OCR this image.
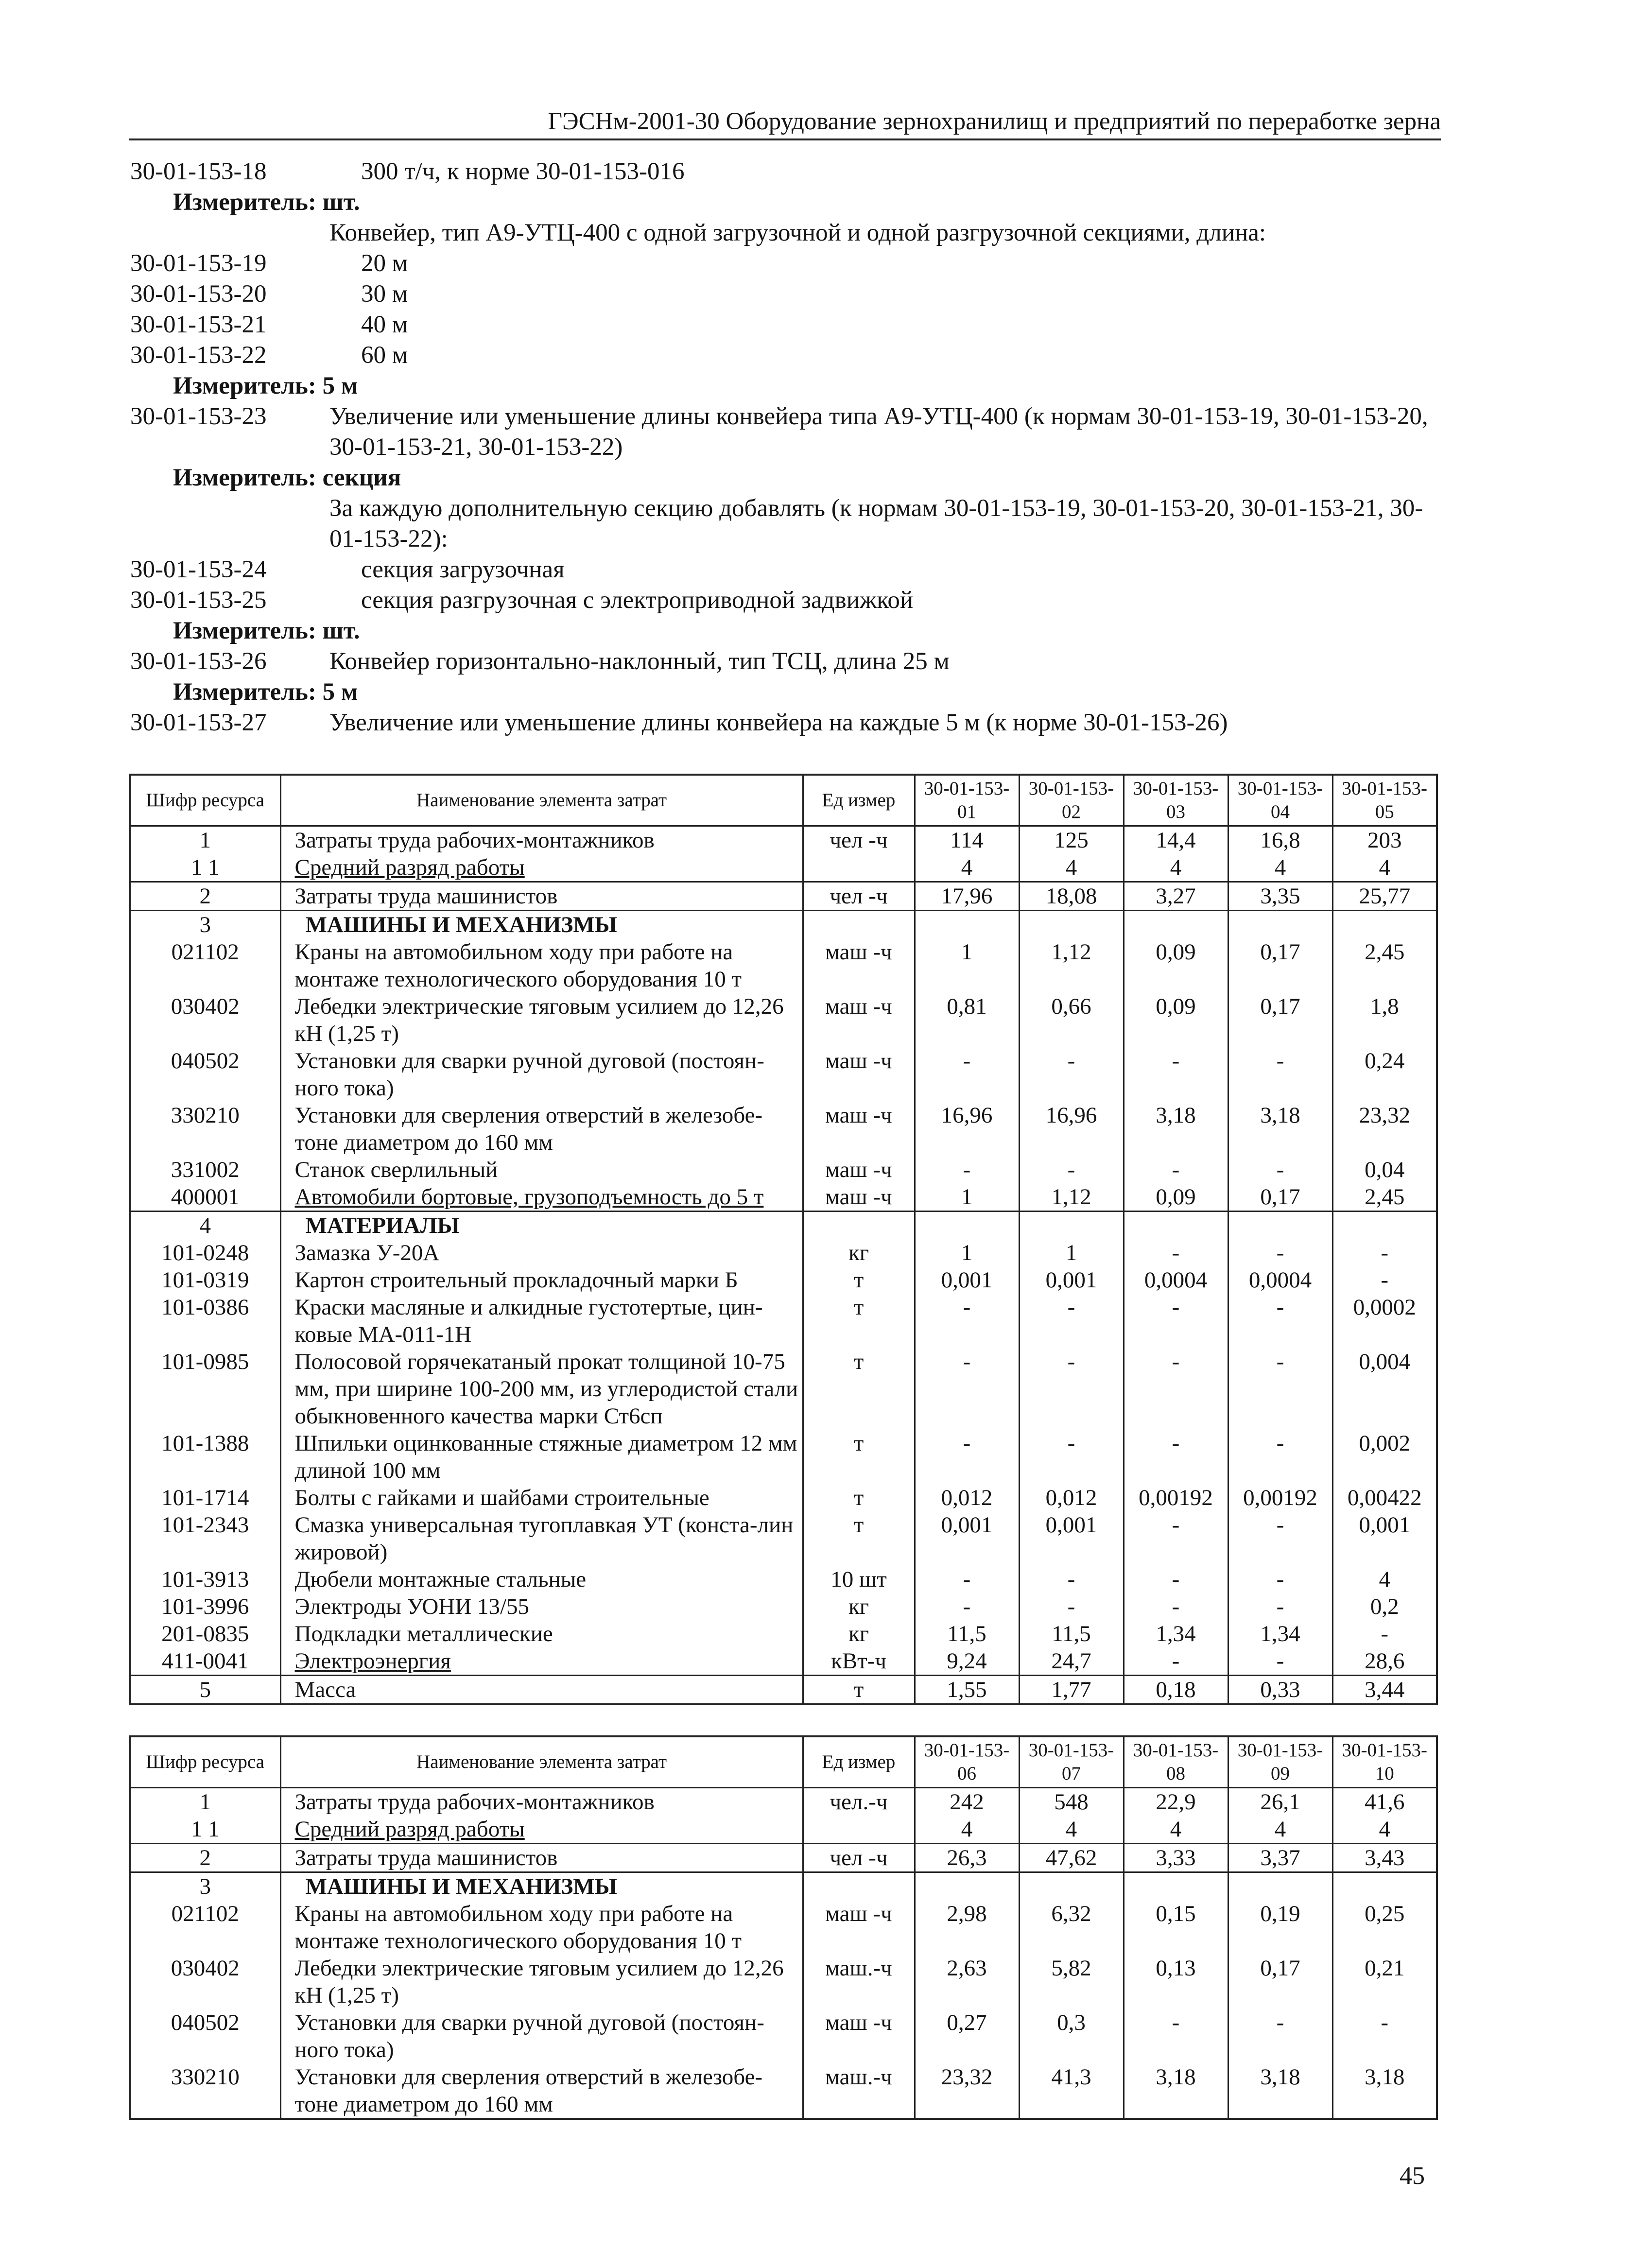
ГЭСНм-2001-30 Оборудование зернохранилищ и предприятий по переработке зерна
30-01-153-18	300 т/ч, к норме 30-01-153-016
Измеритель: шт.
Конвейер, тип А9-УТЦ-400 с одной загрузочной и одной разгрузочной секциями, длина:
30-01-153-19	20 м
30-01-153-20	30 м
30-01-153-21	40 м
30-01-153-22	60 м
Измеритель: 5 м
30-01-153-23	Увеличение или уменьшение длины конвейера типа А9-УТЦ-400 (к нормам 30-01-153-19, 30-01-153-20, 30-01-153-21, 30-01-153-22)
Измеритель: секция
За каждую дополнительную секцию добавлять (к нормам 30-01-153-19, 30-01-153-20, 30-01-153-21, 30-01-153-22):
30-01-153-24	секция загрузочная
30-01-153-25	секция разгрузочная с электроприводной задвижкой
Измеритель: шт.
30-01-153-26	Конвейер горизонтально-наклонный, тип ТСЦ, длина 25 м
Измеритель: 5 м
30-01-153-27	Увеличение или уменьшение длины конвейера на каждые 5 м (к норме 30-01-153-26)
Шифр ресурса	Наименование элемента затрат	Ед измер	30-01-153-01	30-01-153-02	30-01-153-03	30-01-153-04	30-01-153-05
1	Затраты труда рабочих-монтажников	чел -ч	114	125	14,4	16,8	203
1 1	Средний разряд работы		4	4	4	4	4
2	Затраты труда машинистов	чел -ч	17,96	18,08	3,27	3,35	25,77
3	МАШИНЫ И МЕХАНИЗМЫ						
021102	Краны на автомобильном ходу при работе на монтаже технологического оборудования 10 т	маш -ч	1	1,12	0,09	0,17	2,45
030402	Лебедки электрические тяговым усилием до 12,26 кН (1,25 т)	маш -ч	0,81	0,66	0,09	0,17	1,8
040502	Установки для сварки ручной дуговой (постоян-ного тока)	маш -ч	-	-	-	-	0,24
330210	Установки для сверления отверстий в железобе-тоне диаметром до 160 мм	маш -ч	16,96	16,96	3,18	3,18	23,32
331002	Станок сверлильный	маш -ч	-	-	-	-	0,04
400001	Автомобили бортовые, грузоподъемность до 5 т	маш -ч	1	1,12	0,09	0,17	2,45
4	МАТЕРИАЛЫ						
101-0248	Замазка У-20А	кг	1	1	-	-	-
101-0319	Картон строительный прокладочный марки Б	т	0,001	0,001	0,0004	0,0004	-
101-0386	Краски масляные и алкидные густотертые, цин-ковые МА-011-1Н	т	-	-	-	-	0,0002
101-0985	Полосовой горячекатаный прокат толщиной 10-75 мм, при ширине 100-200 мм, из углеродистой стали обыкновенного качества марки Ст6сп	т	-	-	-	-	0,004
101-1388	Шпильки оцинкованные стяжные диаметром 12 мм длиной 100 мм	т	-	-	-	-	0,002
101-1714	Болты с гайками и шайбами строительные	т	0,012	0,012	0,00192	0,00192	0,00422
101-2343	Смазка универсальная тугоплавкая УТ (конста-лин жировой)	т	0,001	0,001	-	-	0,001
101-3913	Дюбели монтажные стальные	10 шт	-	-	-	-	4
101-3996	Электроды УОНИ 13/55	кг	-	-	-	-	0,2
201-0835	Подкладки металлические	кг	11,5	11,5	1,34	1,34	-
411-0041	Электроэнергия	кВт-ч	9,24	24,7	-	-	28,6
5	Масса	т	1,55	1,77	0,18	0,33	3,44
Шифр ресурса	Наименование элемента затрат	Ед измер	30-01-153-06	30-01-153-07	30-01-153-08	30-01-153-09	30-01-153-10
1	Затраты труда рабочих-монтажников	чел.-ч	242	548	22,9	26,1	41,6
1 1	Средний разряд работы		4	4	4	4	4
2	Затраты труда машинистов	чел -ч	26,3	47,62	3,33	3,37	3,43
3	МАШИНЫ И МЕХАНИЗМЫ						
021102	Краны на автомобильном ходу при работе на монтаже технологического оборудования 10 т	маш -ч	2,98	6,32	0,15	0,19	0,25
030402	Лебедки электрические тяговым усилием до 12,26 кН (1,25 т)	маш.-ч	2,63	5,82	0,13	0,17	0,21
040502	Установки для сварки ручной дуговой (постоян-ного тока)	маш -ч	0,27	0,3	-	-	-
330210	Установки для сверления отверстий в железобе-тоне диаметром до 160 мм	маш.-ч	23,32	41,3	3,18	3,18	3,18
45
